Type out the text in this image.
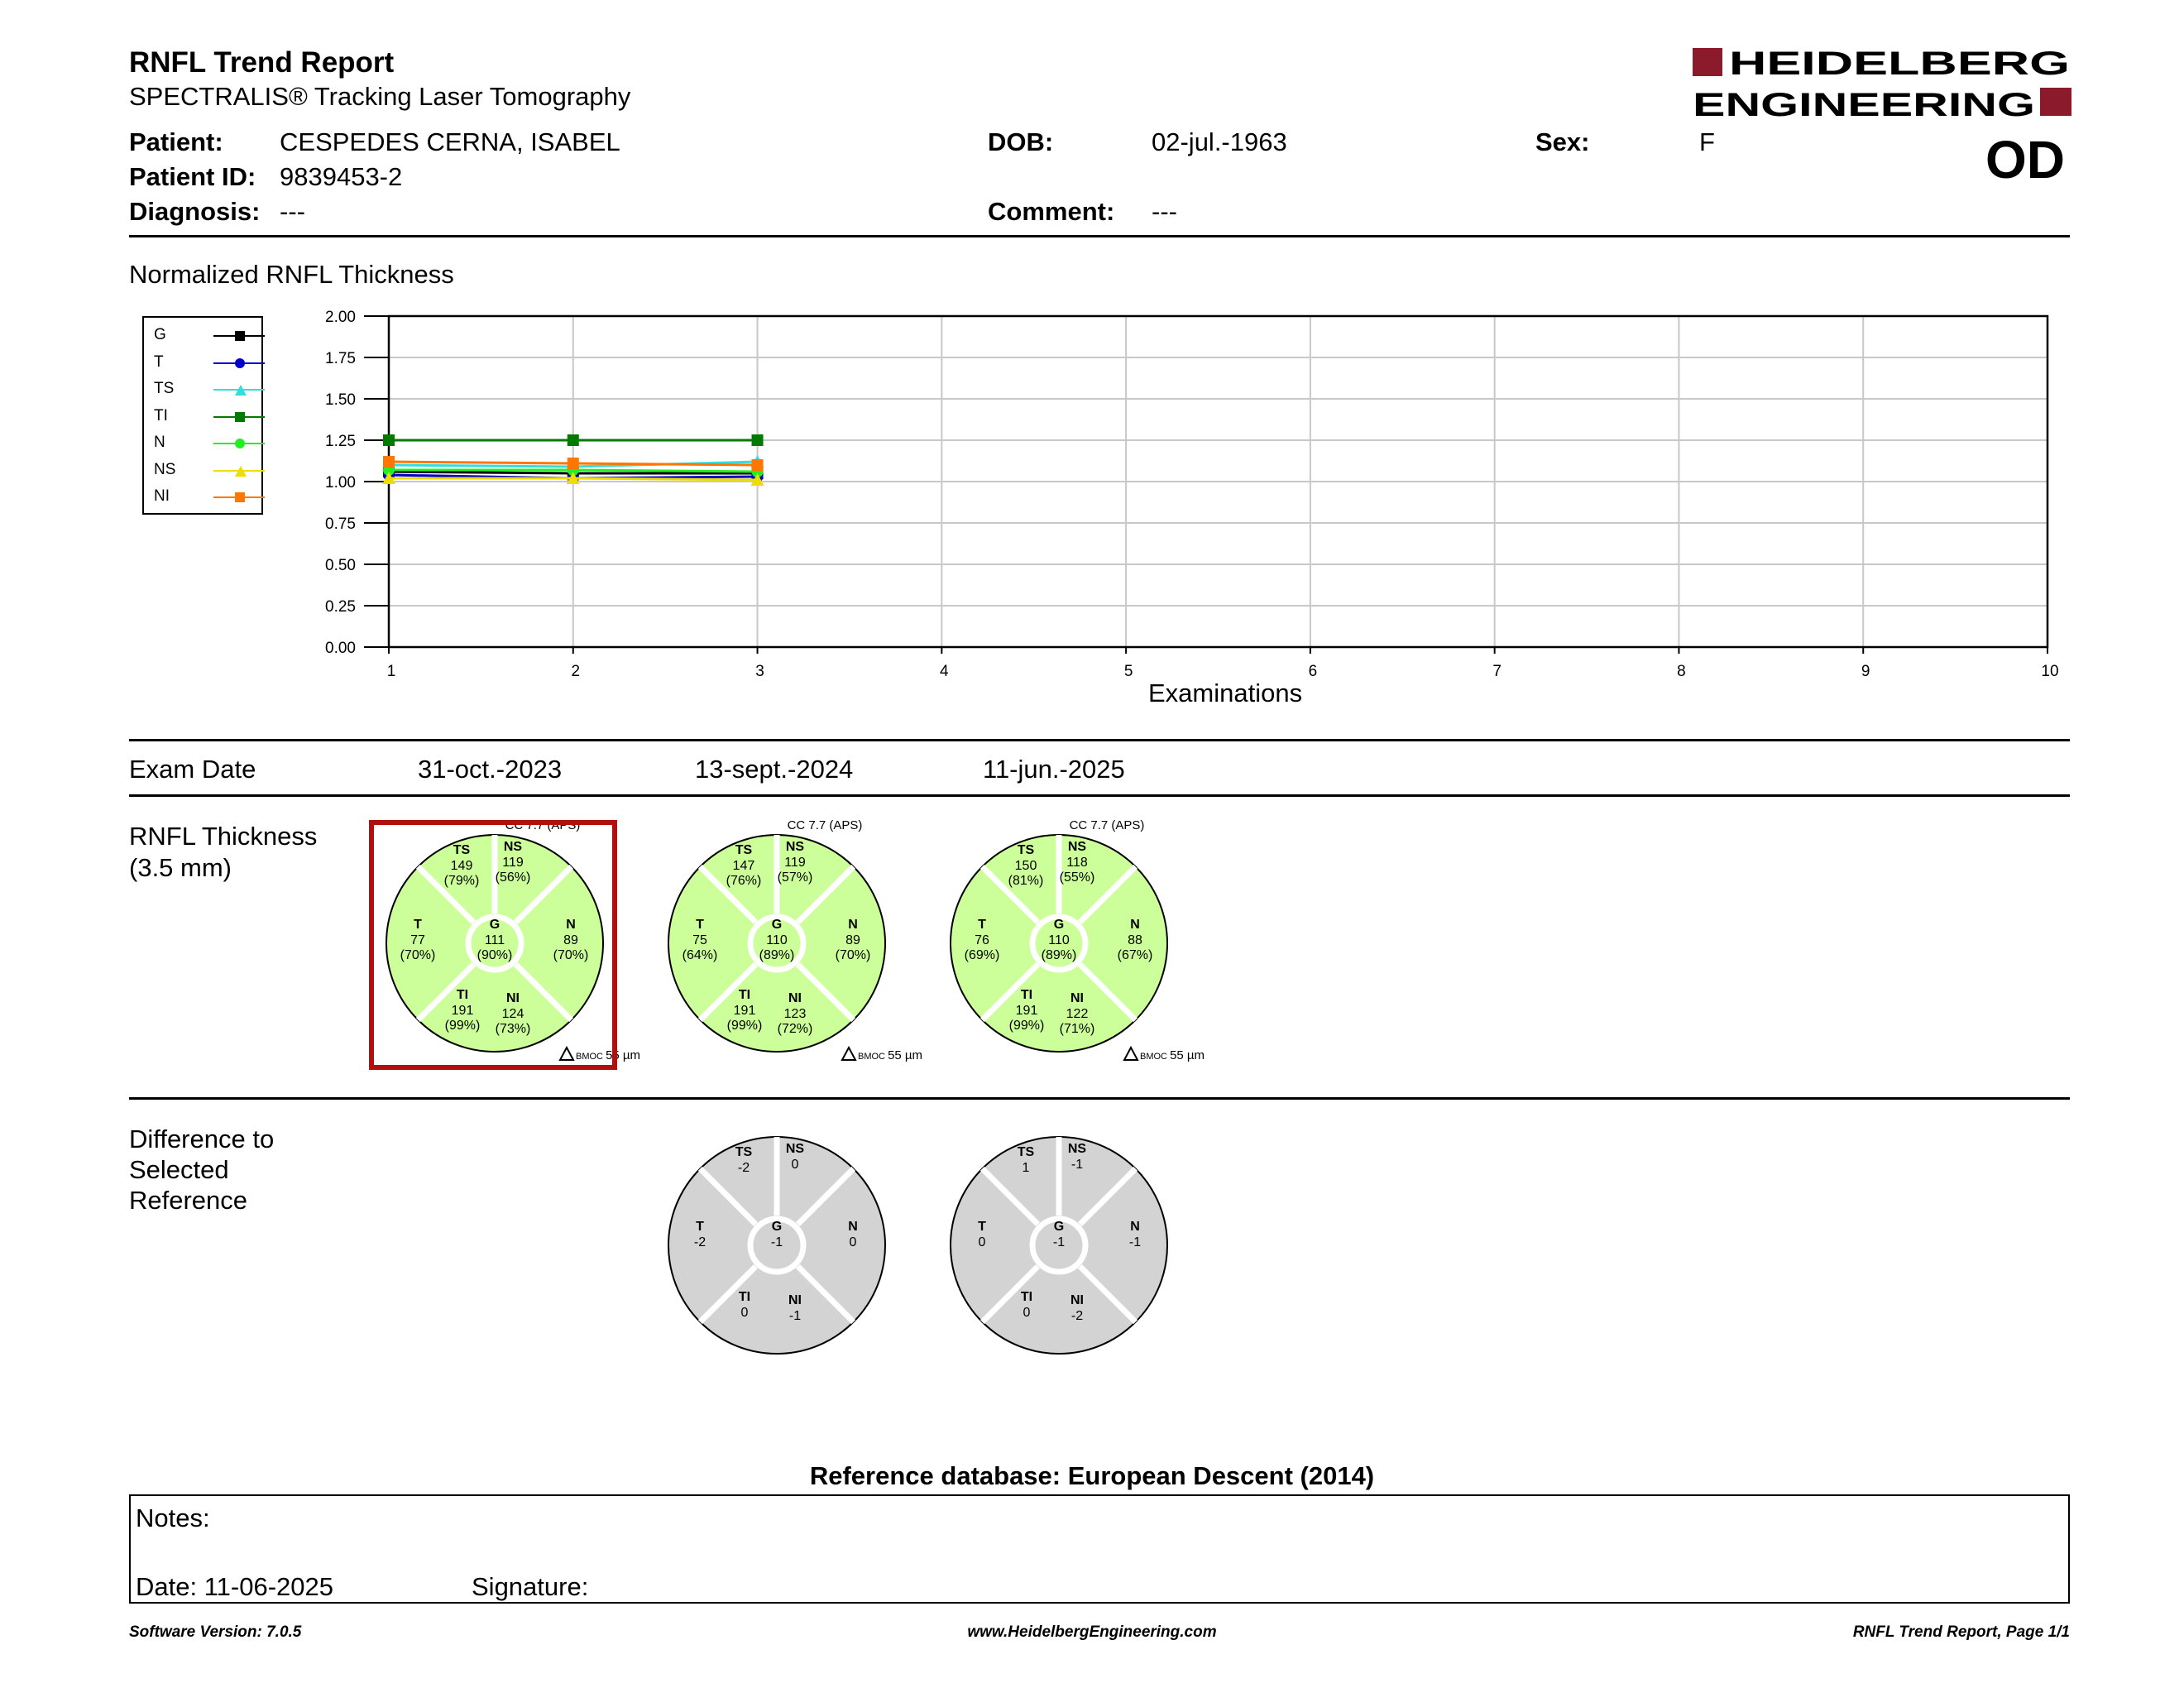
RNFL Trend Report
SPECTRALIS® Tracking Laser Tomography
HEIDELBERG
ENGINEERING
Patient: CESPEDES CERNA, ISABEL
Patient ID: 9839453-2
Diagnosis: ---
DOB:	02-jul.-1963
Comment: ---
Sex:	F	OD
Normalized RNFL Thickness
G
T
TS
TI
N
NS
NI
1	2	3	4	5	6	7	8	9	10
0.00
0.25
0.50
0.75
1.00
1.25
1.50
1.75
2.00
Examinations
Exam Date	31-oct.-2023	13-sept.-2024	11-jun.-2025
RNFL Thickness
(3.5 mm)
TS
149
(79%)
NS
119
(56%)
T
77
(70%)
G
111
(90%)
N
89
(70%)
TI
191
(99%)
NI
124
(73%)
CC 7.7 (APS)
BMOC 55 µm
TS
147
(76%)
NS
119
(57%)
T
75
(64%)
G
110
(89%)
N
89
(70%)
TI
191
(99%)
NI
123
(72%)
CC 7.7 (APS)
BMOC 55 µm
TS
150
(81%)
NS
118
(55%)
T
76
(69%)
G
110
(89%)
N
88
(67%)
TI
191
(99%)
NI
122
(71%)
CC 7.7 (APS)
BMOC 55 µm
Difference to
Selected
Reference
TS
-2
NS
0
T
-2
G
-1
N
0
TI
0
NI
-1
TS
1
NS
-1
T
0
G
-1
N
-1
TI
0
NI
-2
Reference database: European Descent (2014)
Notes:
Date: 11-06-2025	Signature:
Software Version: 7.0.5	www.HeidelbergEngineering.com	RNFL Trend Report, Page 1/1
